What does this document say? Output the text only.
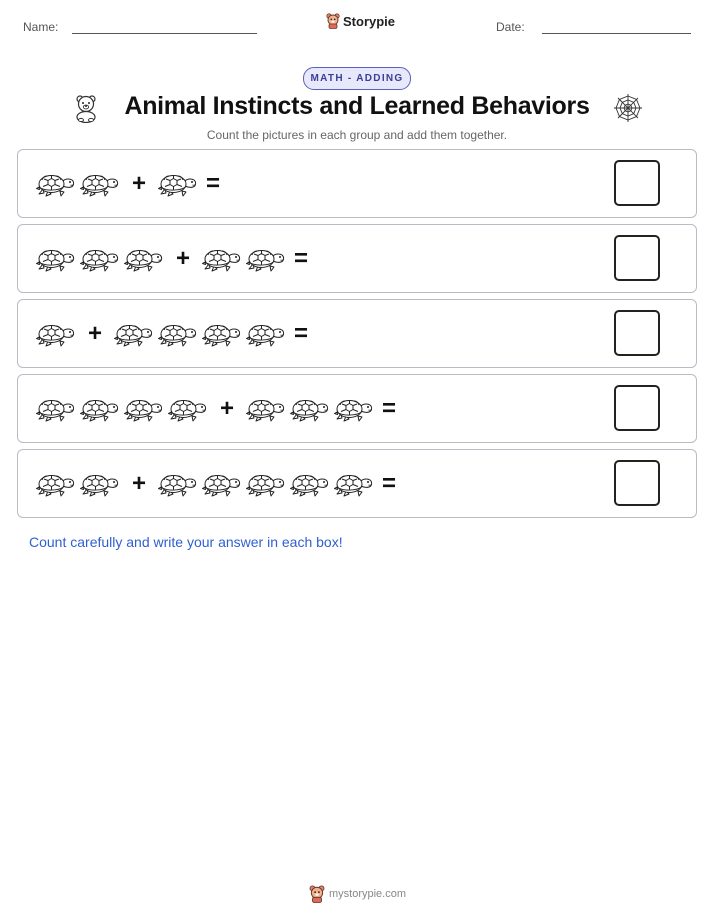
Name:	Storypie	Date:
MATH - ADDING
Animal Instincts and Learned Behaviors
Count the pictures in each group and add them together.
+	=
+	=
+	=
+	=
+	=
Count carefully and write your answer in each box!
mystorypie.com
